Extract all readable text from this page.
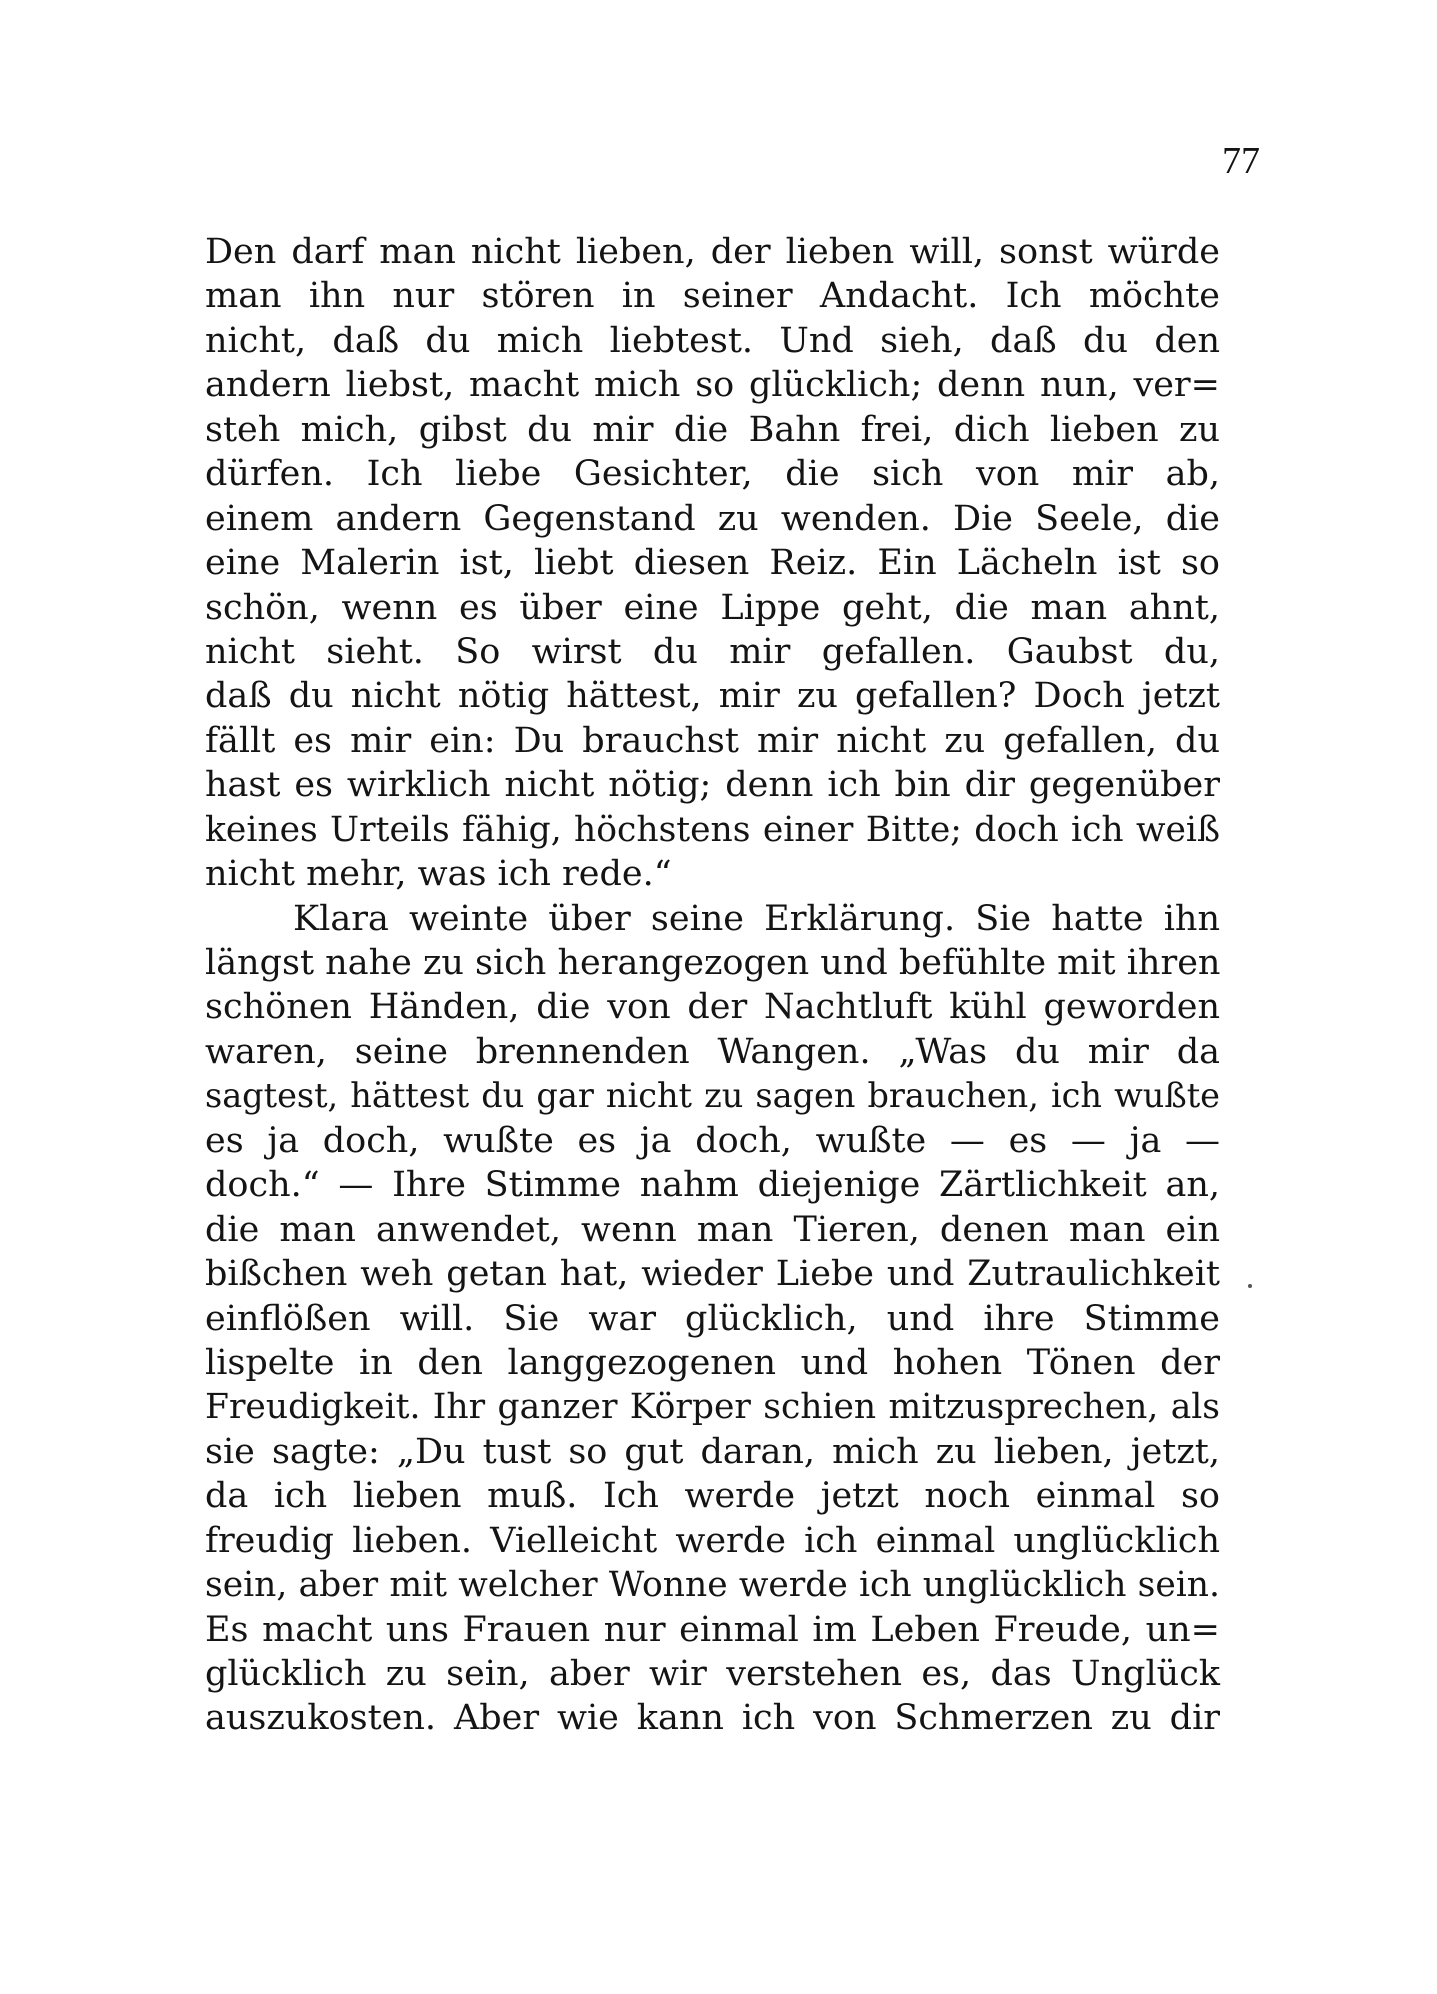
77
Den darf man nicht lieben, der lieben will, sonst würde
man ihn nur stören in seiner Andacht. Ich möchte
nicht, daß du mich liebtest. Und sieh, daß du den
andern liebst, macht mich so glücklich; denn nun, ver=
steh mich, gibst du mir die Bahn frei, dich lieben zu
dürfen. Ich liebe Gesichter, die sich von mir ab,
einem andern Gegenstand zu wenden. Die Seele, die
eine Malerin ist, liebt diesen Reiz. Ein Lächeln ist so
schön, wenn es über eine Lippe geht, die man ahnt,
nicht sieht. So wirst du mir gefallen. Gaubst du,
daß du nicht nötig hättest, mir zu gefallen? Doch jetzt
fällt es mir ein: Du brauchst mir nicht zu gefallen, du
hast es wirklich nicht nötig; denn ich bin dir gegenüber
keines Urteils fähig, höchstens einer Bitte; doch ich weiß
nicht mehr, was ich rede.“
Klara weinte über seine Erklärung. Sie hatte ihn
längst nahe zu sich herangezogen und befühlte mit ihren
schönen Händen, die von der Nachtluft kühl geworden
waren, seine brennenden Wangen. „Was du mir da
sagtest, hättest du gar nicht zu sagen brauchen, ich wußte
es ja doch, wußte es ja doch, wußte — es — ja —
doch.“ — Ihre Stimme nahm diejenige Zärtlichkeit an,
die man anwendet, wenn man Tieren, denen man ein
bißchen weh getan hat, wieder Liebe und Zutraulichkeit
einflößen will. Sie war glücklich, und ihre Stimme
lispelte in den langgezogenen und hohen Tönen der
Freudigkeit. Ihr ganzer Körper schien mitzusprechen, als
sie sagte: „Du tust so gut daran, mich zu lieben, jetzt,
da ich lieben muß. Ich werde jetzt noch einmal so
freudig lieben. Vielleicht werde ich einmal unglücklich
sein, aber mit welcher Wonne werde ich unglücklich sein.
Es macht uns Frauen nur einmal im Leben Freude, un=
glücklich zu sein, aber wir verstehen es, das Unglück
auszukosten. Aber wie kann ich von Schmerzen zu dir
